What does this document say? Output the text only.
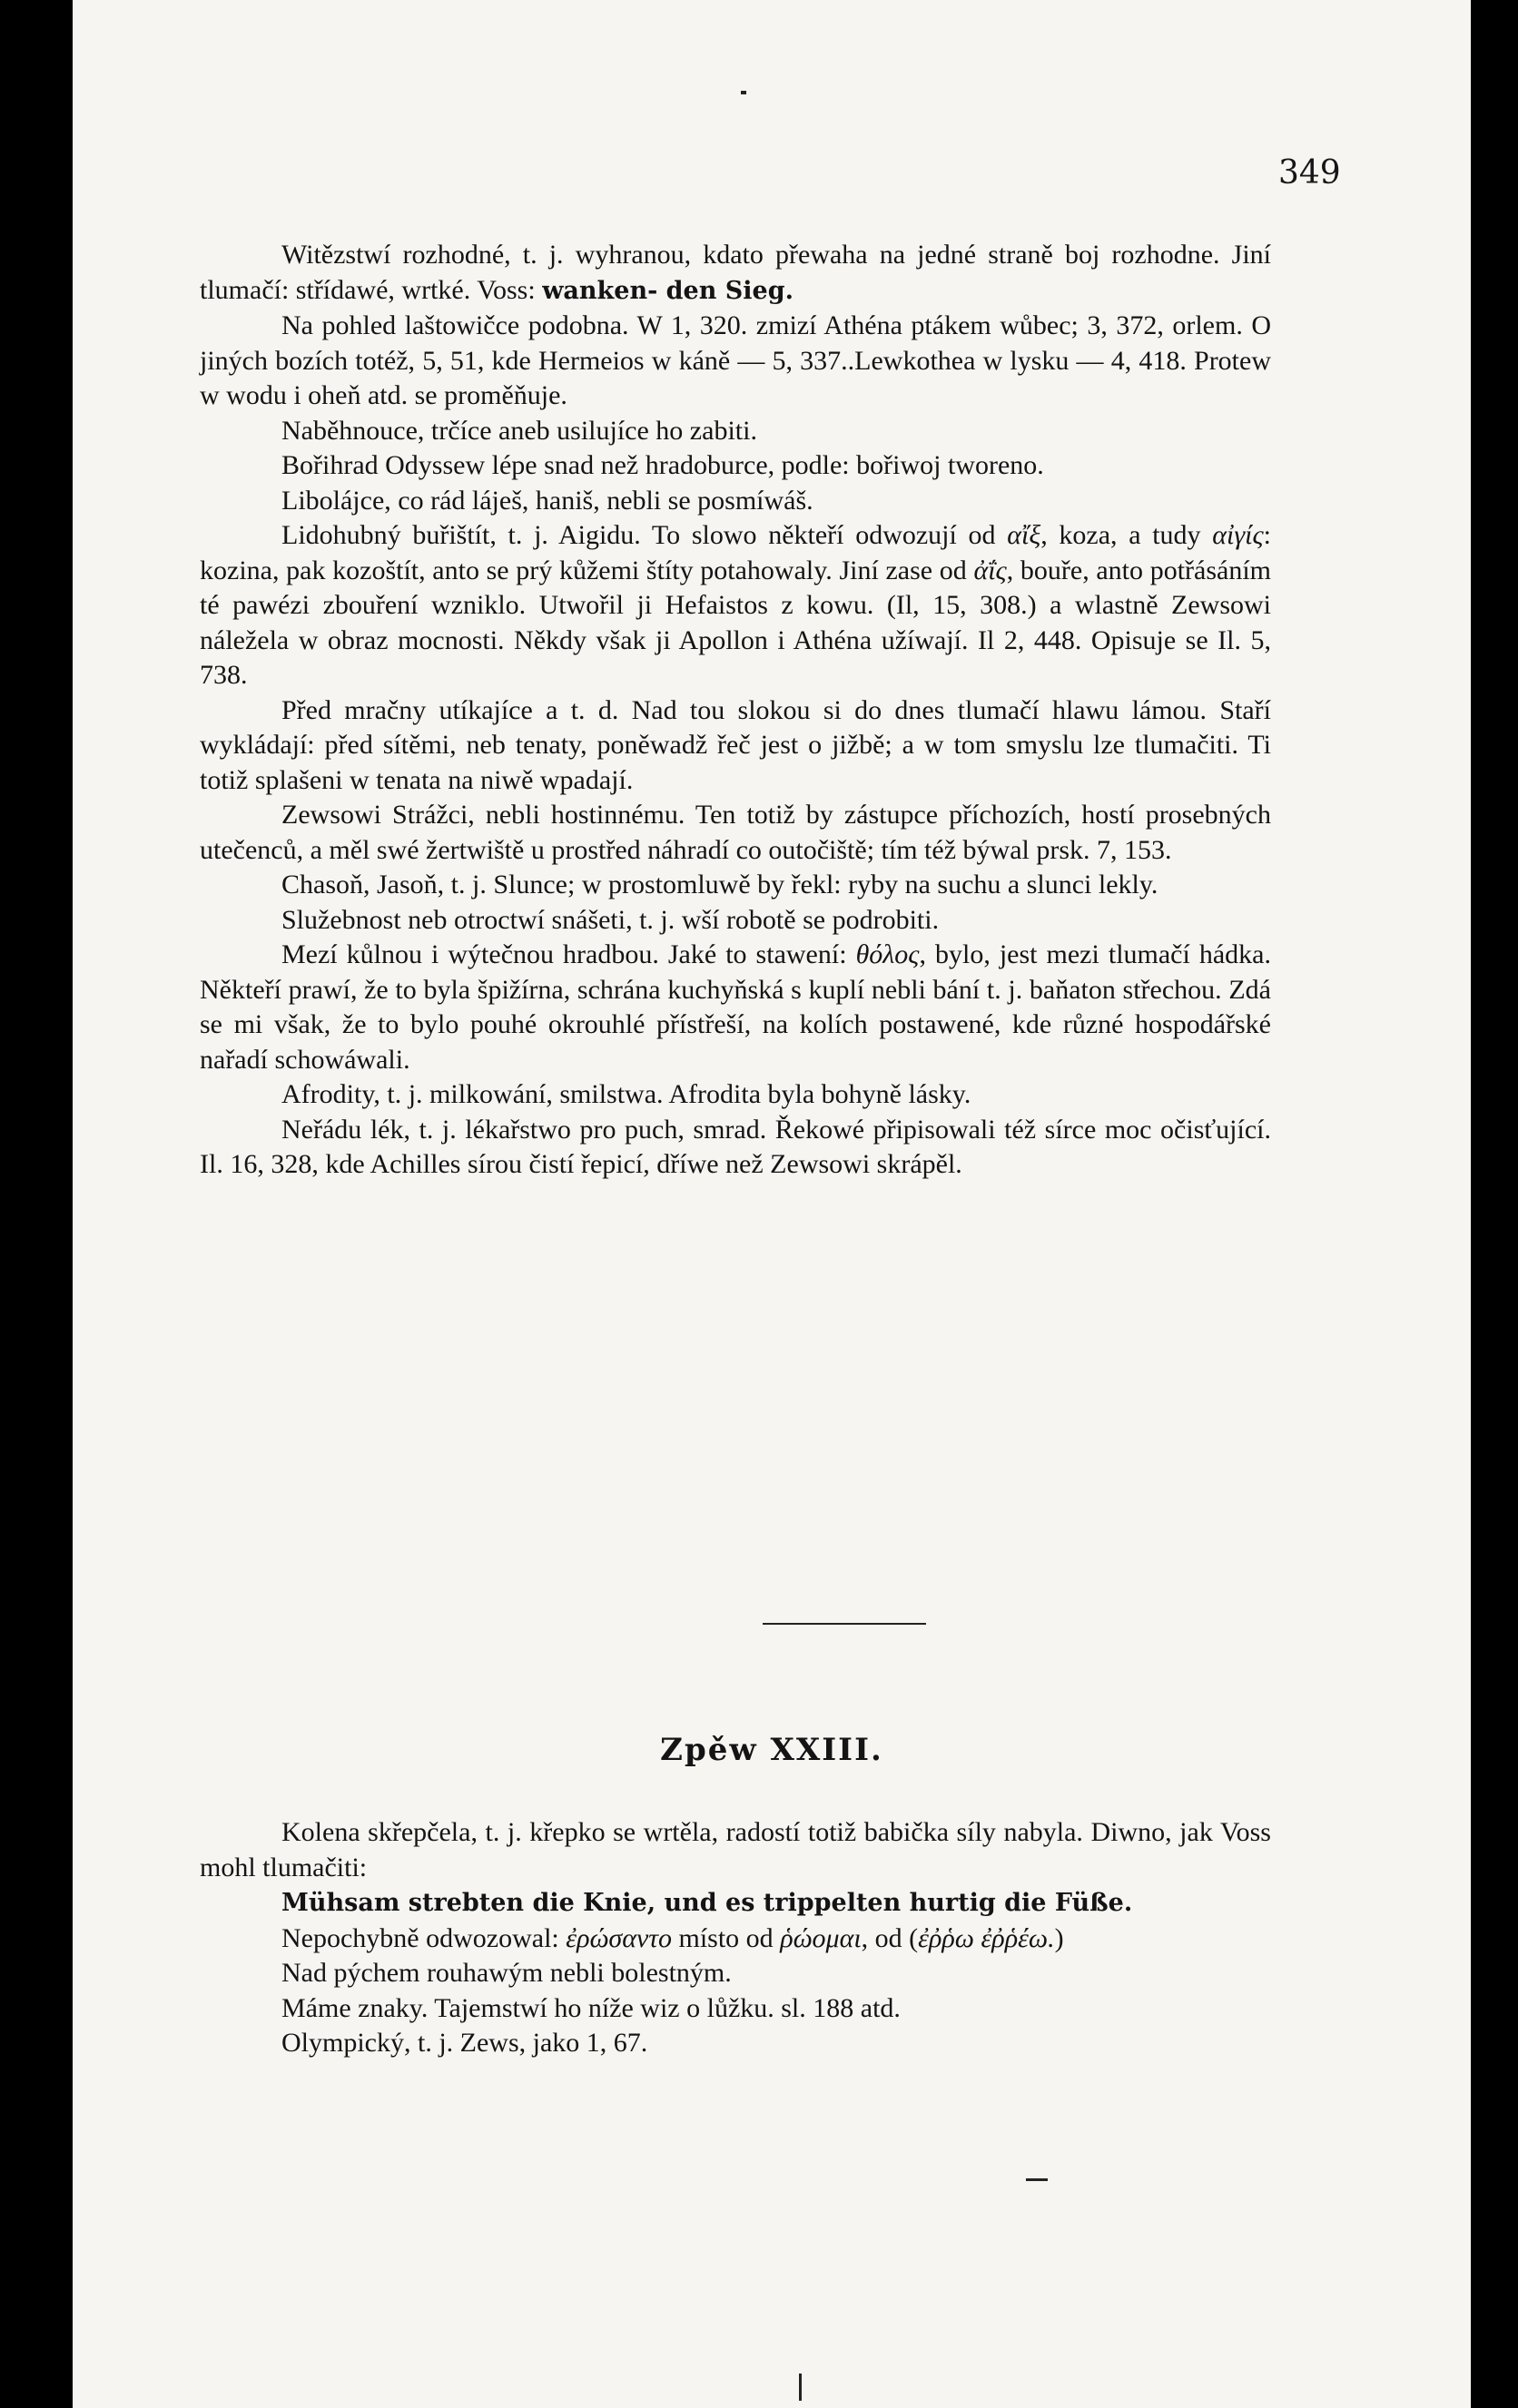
349

Witězstwí rozhodné, t. j. wyhranou, kdato přewaha na jedné straně boj rozhodne. Jiní tlumačí: střídawé, wrtké. Voss: wanken- den Sieg.

Na pohled laštowičce podobna. W 1, 320. zmizí Athéna ptákem wůbec; 3, 372, orlem. O jiných bozích totéž, 5, 51, kde Hermeios w káně — 5, 337..Lewkothea w lysku — 4, 418. Protew w wodu i oheň atd. se proměňuje.

Naběhnouce, trčíce aneb usilujíce ho zabiti.

Bořihrad Odyssew lépe snad než hradoburce, podle: bořiwoj tworeno.

Libolájce, co rád láješ, haniš, nebli se posmíwáš.

Lidohubný buřištít, t. j. Aigidu. To slowo někteří odwozují od αἴξ, koza, a tudy αἰγίς: kozina, pak kozoštít, anto se prý kůžemi štíty potahowaly. Jiní zase od ἀΐς, bouře, anto potřásáním té pawézi zbouření wzniklo. Utwořil ji Hefaistos z kowu. (Il, 15, 308.) a wlastně Zewsowi náležela w obraz mocnosti. Někdy však ji Apollon i Athéna užíwají. Il 2, 448. Opisuje se Il. 5, 738.

Před mračny utíkajíce a t. d. Nad tou slokou si do dnes tlumačí hlawu lámou. Staří wykládají: před sítěmi, neb tenaty, poněwadž řeč jest o jižbě; a w tom smyslu lze tlumačiti. Ti totiž splašeni w tenata na niwě wpadají.

Zewsowi Strážci, nebli hostinnému. Ten totiž by zástupce příchozích, hostí prosebných utečenců, a měl swé žertwiště u prostřed náhradí co outočiště; tím též býwal prsk. 7, 153.

Chasoň, Jasoň, t. j. Slunce; w prostomluwě by řekl: ryby na suchu a slunci lekly.

Služebnost neb otroctwí snášeti, t. j. wší robotě se podrobiti.

Mezí kůlnou i wýtečnou hradbou. Jaké to stawení: θόλος, bylo, jest mezi tlumačí hádka. Někteří prawí, že to byla špižírna, schrána kuchyňská s kuplí nebli bání t. j. baňaton střechou. Zdá se mi však, že to bylo pouhé okrouhlé přístřeší, na kolích postawené, kde různé hospodářské nařadí schowáwali.

Afrodity, t. j. milkowání, smilstwa. Afrodita byla bohyně lásky.

Neřádu lék, t. j. lékařstwo pro puch, smrad. Řekowé připisowali též sírce moc očisťující. Il. 16, 328, kde Achilles sírou čistí řepicí, dříwe než Zewsowi skrápěl.

Zpěw XXIII.

Kolena skřepčela, t. j. křepko se wrtěla, radostí totiž babička síly nabyla. Diwno, jak Voss mohl tlumačiti:

Mühsam strebten die Knie, und es trippelten hurtig die Füße.

Nepochybně odwozowal: ἐρώσαντο místo od ῥώομαι, od (ἐῤῥω ἐῤῥέω.)

Nad pýchem rouhawým nebli bolestným.

Máme znaky. Tajemstwí ho níže wiz o lůžku. sl. 188 atd.

Olympický, t. j. Zews, jako 1, 67.
